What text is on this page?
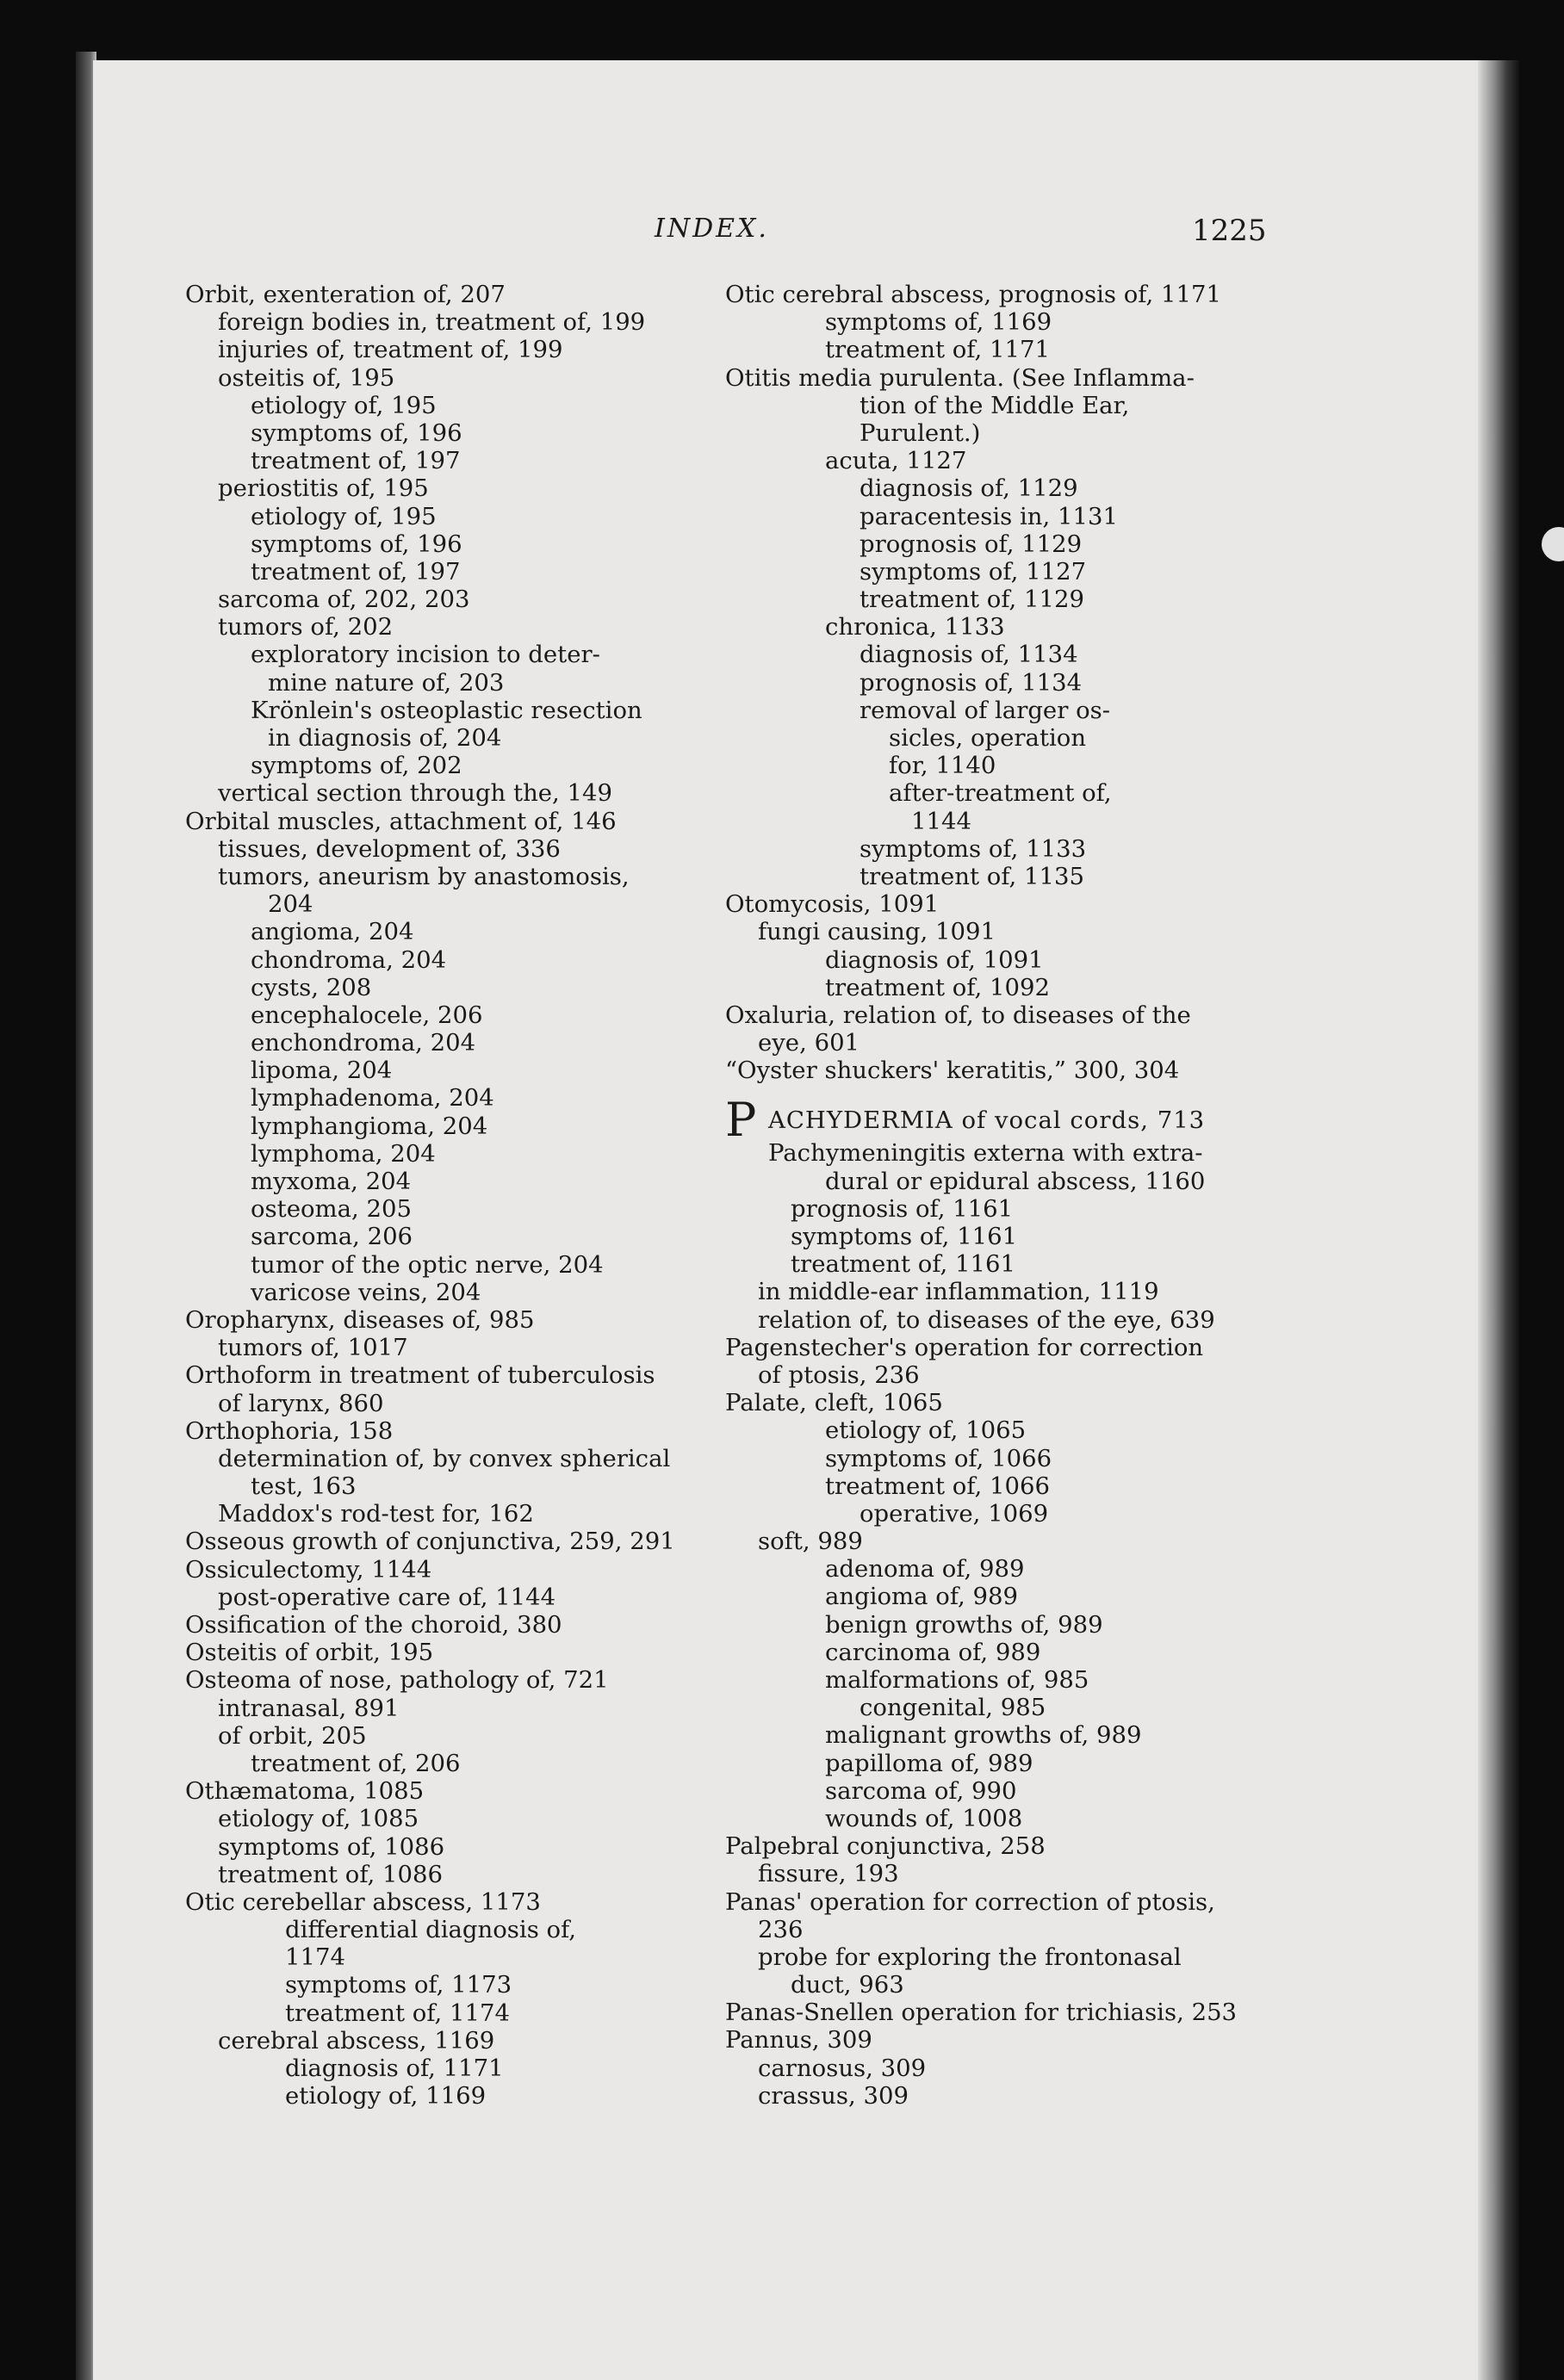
INDEX.	1225
Orbit, exenteration of, 207
foreign bodies in, treatment of, 199
injuries of, treatment of, 199
osteitis of, 195
etiology of, 195
symptoms of, 196
treatment of, 197
periostitis of, 195
etiology of, 195
symptoms of, 196
treatment of, 197
sarcoma of, 202, 203
tumors of, 202
exploratory incision to deter-
mine nature of, 203
Krönlein's osteoplastic resection
in diagnosis of, 204
symptoms of, 202
vertical section through the, 149
Orbital muscles, attachment of, 146
tissues, development of, 336
tumors, aneurism by anastomosis,
204
angioma, 204
chondroma, 204
cysts, 208
encephalocele, 206
enchondroma, 204
lipoma, 204
lymphadenoma, 204
lymphangioma, 204
lymphoma, 204
myxoma, 204
osteoma, 205
sarcoma, 206
tumor of the optic nerve, 204
varicose veins, 204
Oropharynx, diseases of, 985
tumors of, 1017
Orthoform in treatment of tuberculosis
of larynx, 860
Orthophoria, 158
determination of, by convex spherical
test, 163
Maddox's rod-test for, 162
Osseous growth of conjunctiva, 259, 291
Ossiculectomy, 1144
post-operative care of, 1144
Ossification of the choroid, 380
Osteitis of orbit, 195
Osteoma of nose, pathology of, 721
intranasal, 891
of orbit, 205
treatment of, 206
Othæmatoma, 1085
etiology of, 1085
symptoms of, 1086
treatment of, 1086
Otic cerebellar abscess, 1173
differential diagnosis of,
1174
symptoms of, 1173
treatment of, 1174
cerebral abscess, 1169
diagnosis of, 1171
etiology of, 1169
Otic cerebral abscess, prognosis of, 1171
symptoms of, 1169
treatment of, 1171
Otitis media purulenta. (See Inflamma-
tion of the Middle Ear,
Purulent.)
acuta, 1127
diagnosis of, 1129
paracentesis in, 1131
prognosis of, 1129
symptoms of, 1127
treatment of, 1129
chronica, 1133
diagnosis of, 1134
prognosis of, 1134
removal of larger os-
sicles, operation
for, 1140
after-treatment of,
1144
symptoms of, 1133
treatment of, 1135
Otomycosis, 1091
fungi causing, 1091
diagnosis of, 1091
treatment of, 1092
Oxaluria, relation of, to diseases of the
eye, 601
“Oyster shuckers' keratitis,” 300, 304
PACHYDERMIA of vocal cords, 713
Pachymeningitis externa with extra-
dural or epidural abscess, 1160
prognosis of, 1161
symptoms of, 1161
treatment of, 1161
in middle-ear inflammation, 1119
relation of, to diseases of the eye, 639
Pagenstecher's operation for correction
of ptosis, 236
Palate, cleft, 1065
etiology of, 1065
symptoms of, 1066
treatment of, 1066
operative, 1069
soft, 989
adenoma of, 989
angioma of, 989
benign growths of, 989
carcinoma of, 989
malformations of, 985
congenital, 985
malignant growths of, 989
papilloma of, 989
sarcoma of, 990
wounds of, 1008
Palpebral conjunctiva, 258
fissure, 193
Panas' operation for correction of ptosis,
236
probe for exploring the frontonasal
duct, 963
Panas-Snellen operation for trichiasis, 253
Pannus, 309
carnosus, 309
crassus, 309
